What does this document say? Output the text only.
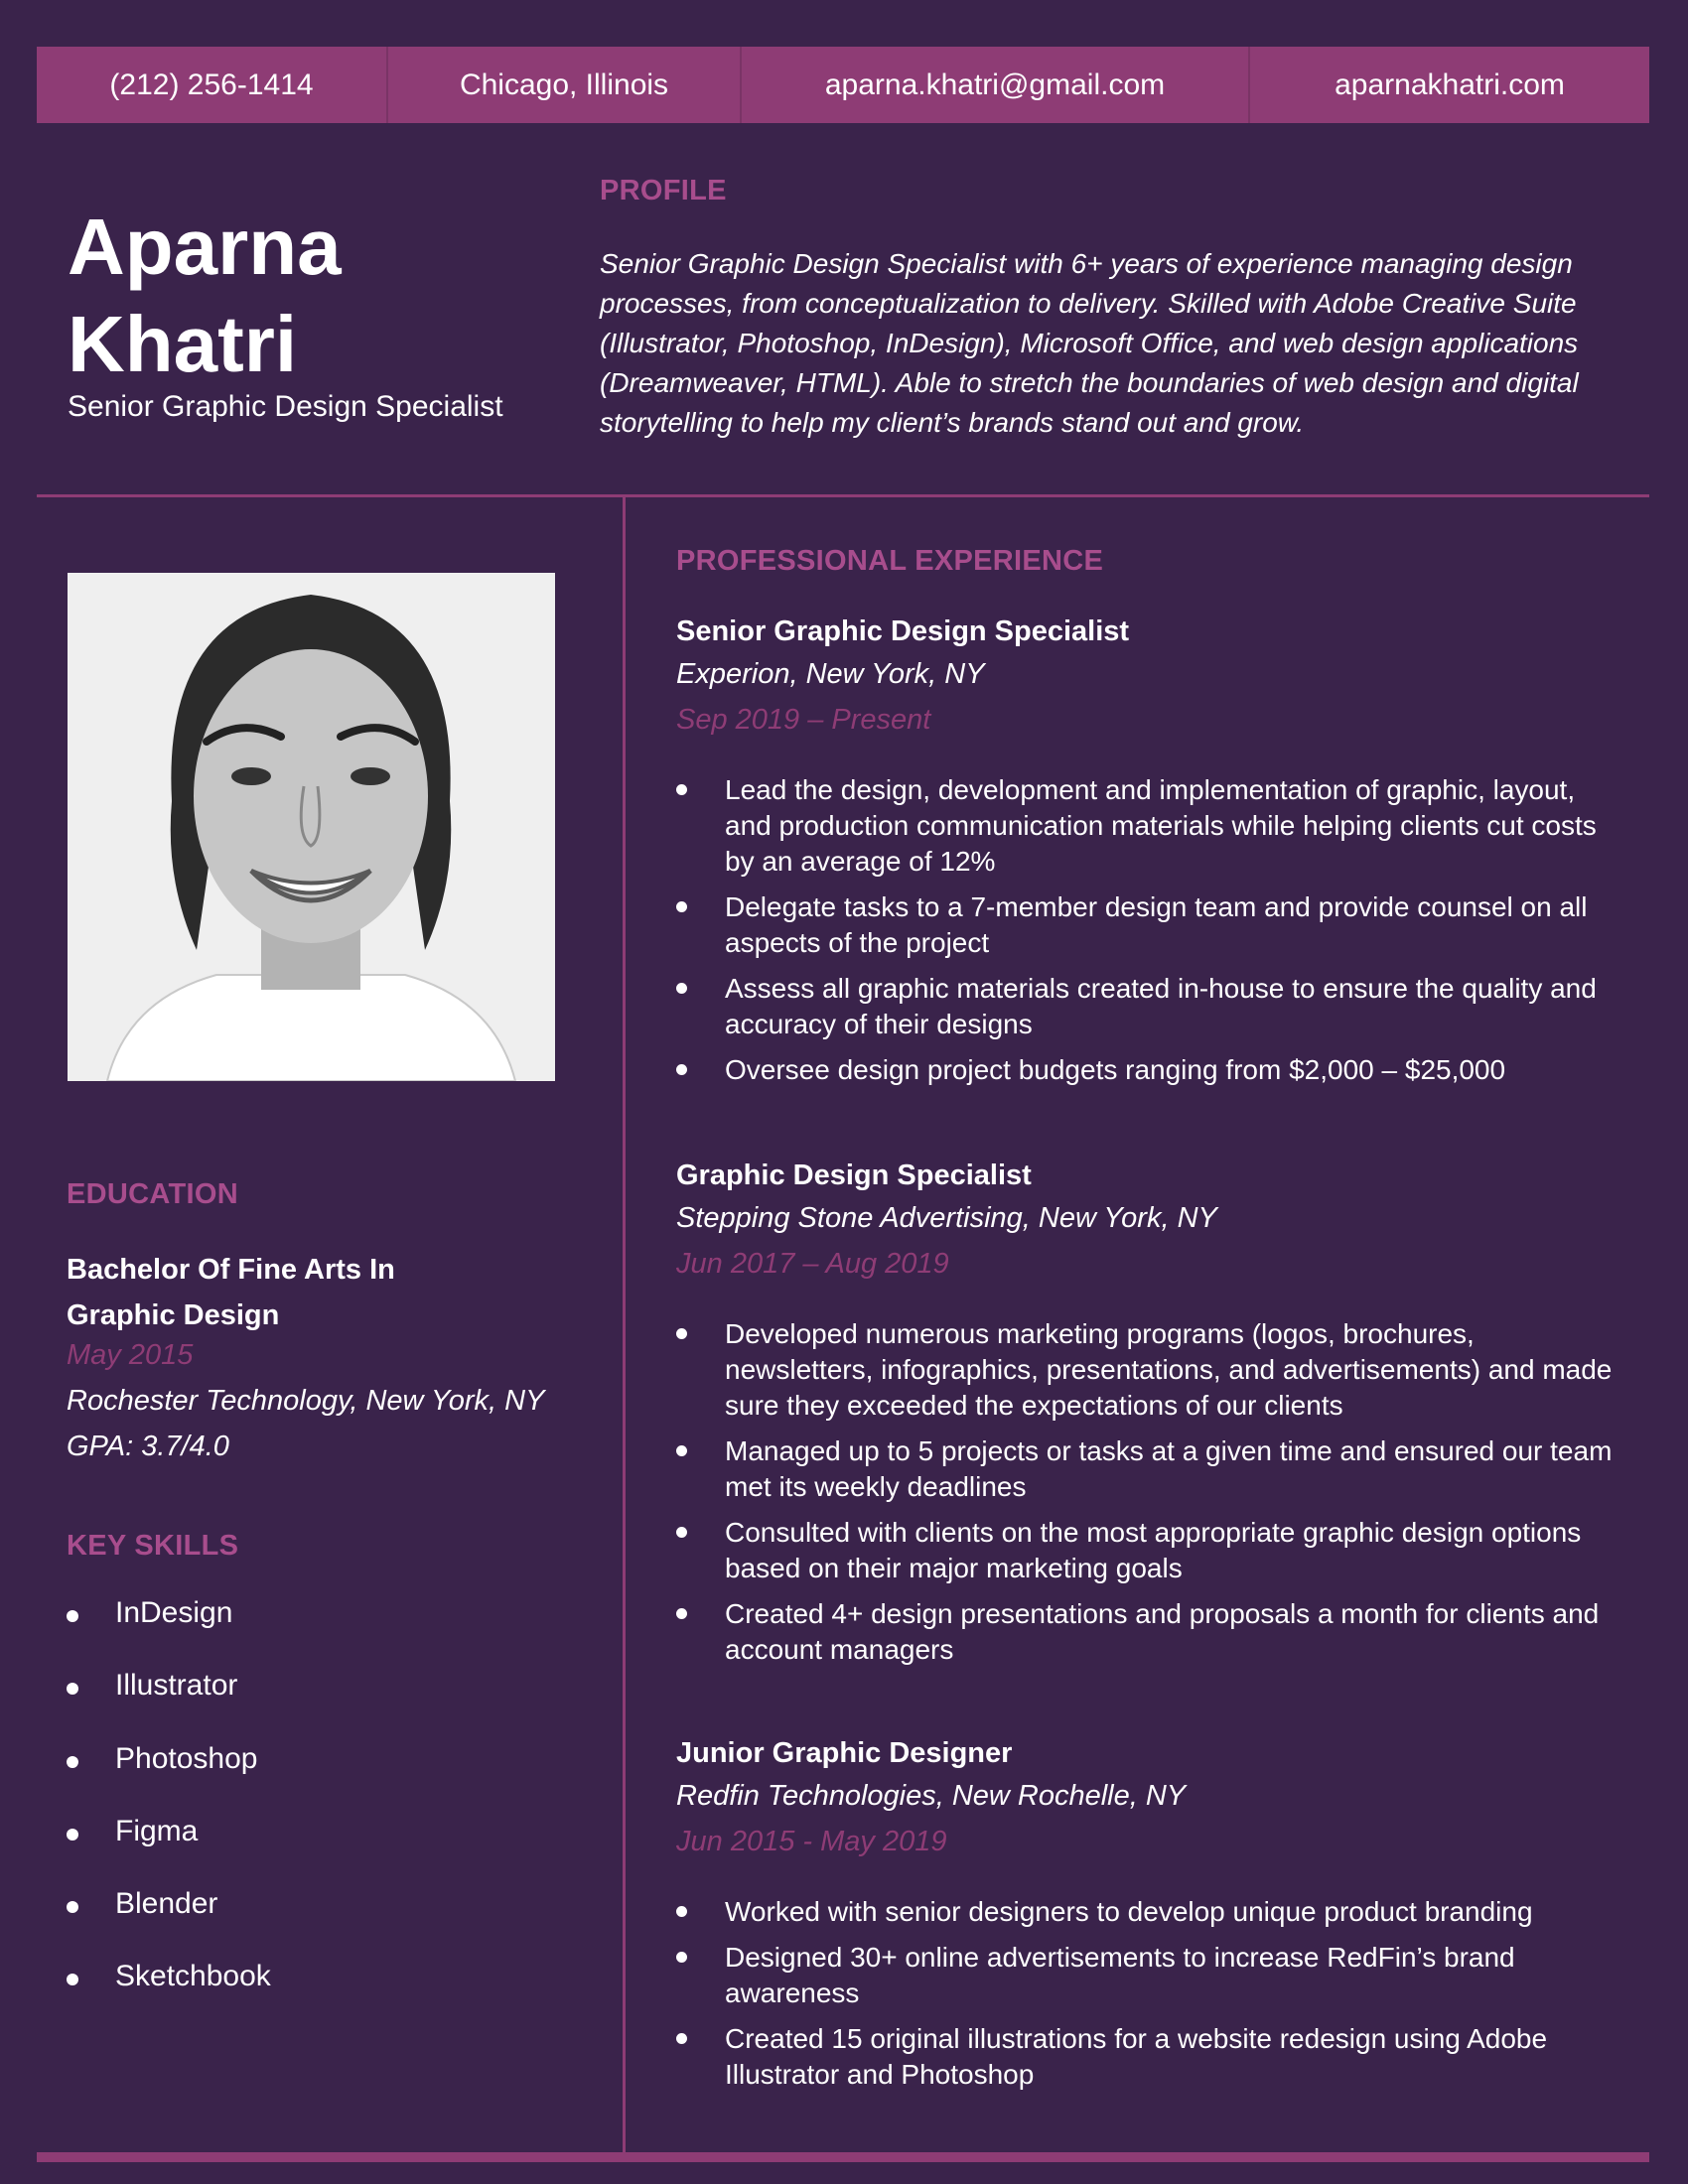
(212) 256-1414	Chicago, Illinois	aparna.khatri@gmail.com	aparnakhatri.com
Aparna Khatri
Senior Graphic Design Specialist
PROFILE
Senior Graphic Design Specialist with 6+ years of experience managing design processes, from conceptualization to delivery. Skilled with Adobe Creative Suite (Illustrator, Photoshop, InDesign), Microsoft Office, and web design applications (Dreamweaver, HTML). Able to stretch the boundaries of web design and digital storytelling to help my client’s brands stand out and grow.
EDUCATION
Bachelor Of Fine Arts In Graphic Design
May 2015
Rochester Technology, New York, NY
GPA: 3.7/4.0
KEY SKILLS
InDesign
Illustrator
Photoshop
Figma
Blender
Sketchbook
PROFESSIONAL EXPERIENCE
Senior Graphic Design Specialist
Experion, New York, NY
Sep 2019 – Present
Lead the design, development and implementation of graphic, layout, and production communication materials while helping clients cut costs by an average of 12%
Delegate tasks to a 7-member design team and provide counsel on all aspects of the project
Assess all graphic materials created in-house to ensure the quality and accuracy of their designs
Oversee design project budgets ranging from $2,000 – $25,000
Graphic Design Specialist
Stepping Stone Advertising, New York, NY
Jun 2017 – Aug 2019
Developed numerous marketing programs (logos, brochures, newsletters, infographics, presentations, and advertisements) and made sure they exceeded the expectations of our clients
Managed up to 5 projects or tasks at a given time and ensured our team met its weekly deadlines
Consulted with clients on the most appropriate graphic design options based on their major marketing goals
Created 4+ design presentations and proposals a month for clients and account managers
Junior Graphic Designer
Redfin Technologies, New Rochelle, NY
Jun 2015 - May 2019
Worked with senior designers to develop unique product branding
Designed 30+ online advertisements to increase RedFin’s brand awareness
Created 15 original illustrations for a website redesign using Adobe Illustrator and Photoshop
